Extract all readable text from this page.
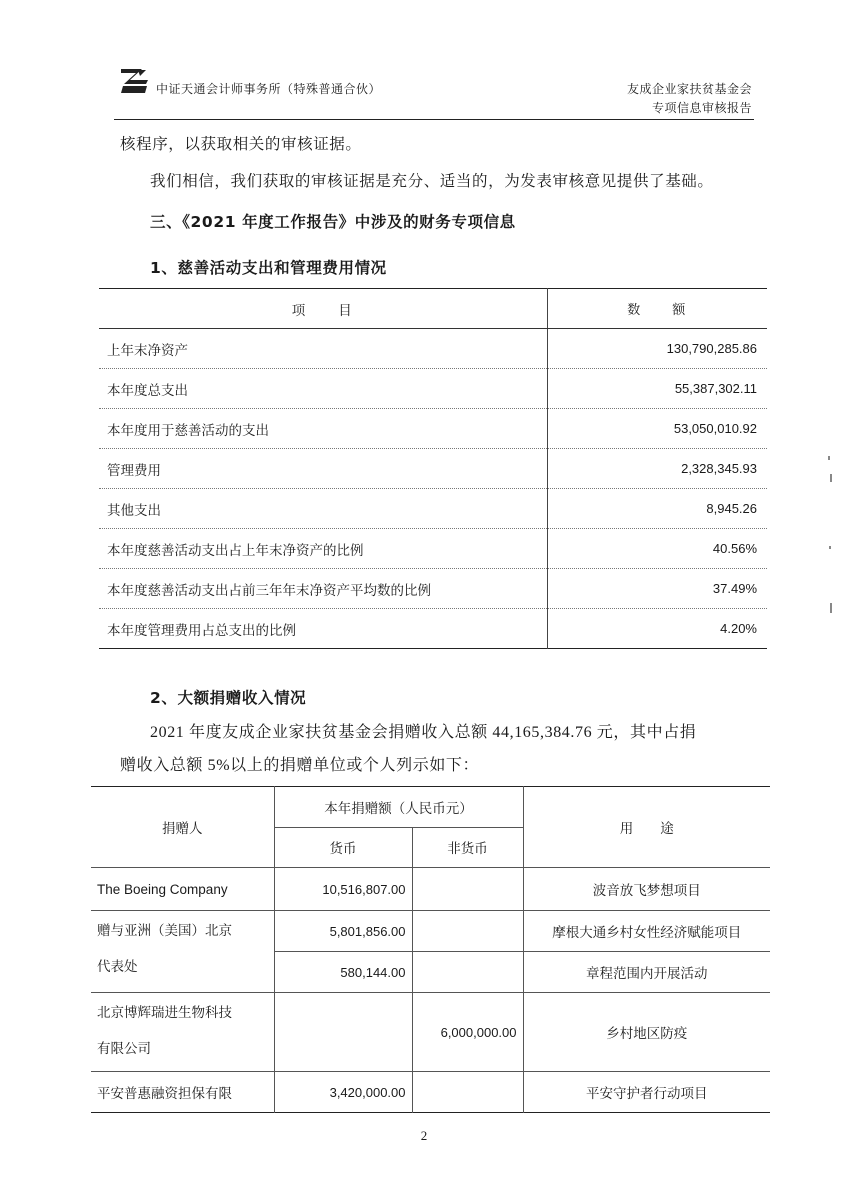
中证天通会计师事务所（特殊普通合伙）	友成企业家扶贫基金会
专项信息审核报告
核程序，以获取相关的审核证据。
我们相信，我们获取的审核证据是充分、适当的，为发表审核意见提供了基础。
三、《2021 年度工作报告》中涉及的财务专项信息
1、慈善活动支出和管理费用情况
项　　目	数　　额
上年末净资产	130,790,285.86
本年度总支出	55,387,302.11
本年度用于慈善活动的支出	53,050,010.92
管理费用	2,328,345.93
其他支出	8,945.26
本年度慈善活动支出占上年末净资产的比例	40.56%
本年度慈善活动支出占前三年年末净资产平均数的比例	37.49%
本年度管理费用占总支出的比例	4.20%
2、大额捐赠收入情况
2021 年度友成企业家扶贫基金会捐赠收入总额 44,165,384.76 元，其中占捐
赠收入总额 5%以上的捐赠单位或个人列示如下：
捐赠人	本年捐赠额（人民币元）		用　　途
	货币	非货币	
The Boeing Company	10,516,807.00		波音放飞梦想项目

赠与亚洲（美国）北京
代表处	5,801,856.00		摩根大通乡村女性经济赋能项目
	580,144.00		章程范围内开展活动

北京博辉瑞进生物科技
有限公司		6,000,000.00	乡村地区防疫
平安普惠融资担保有限	3,420,000.00		平安守护者行动项目
2
